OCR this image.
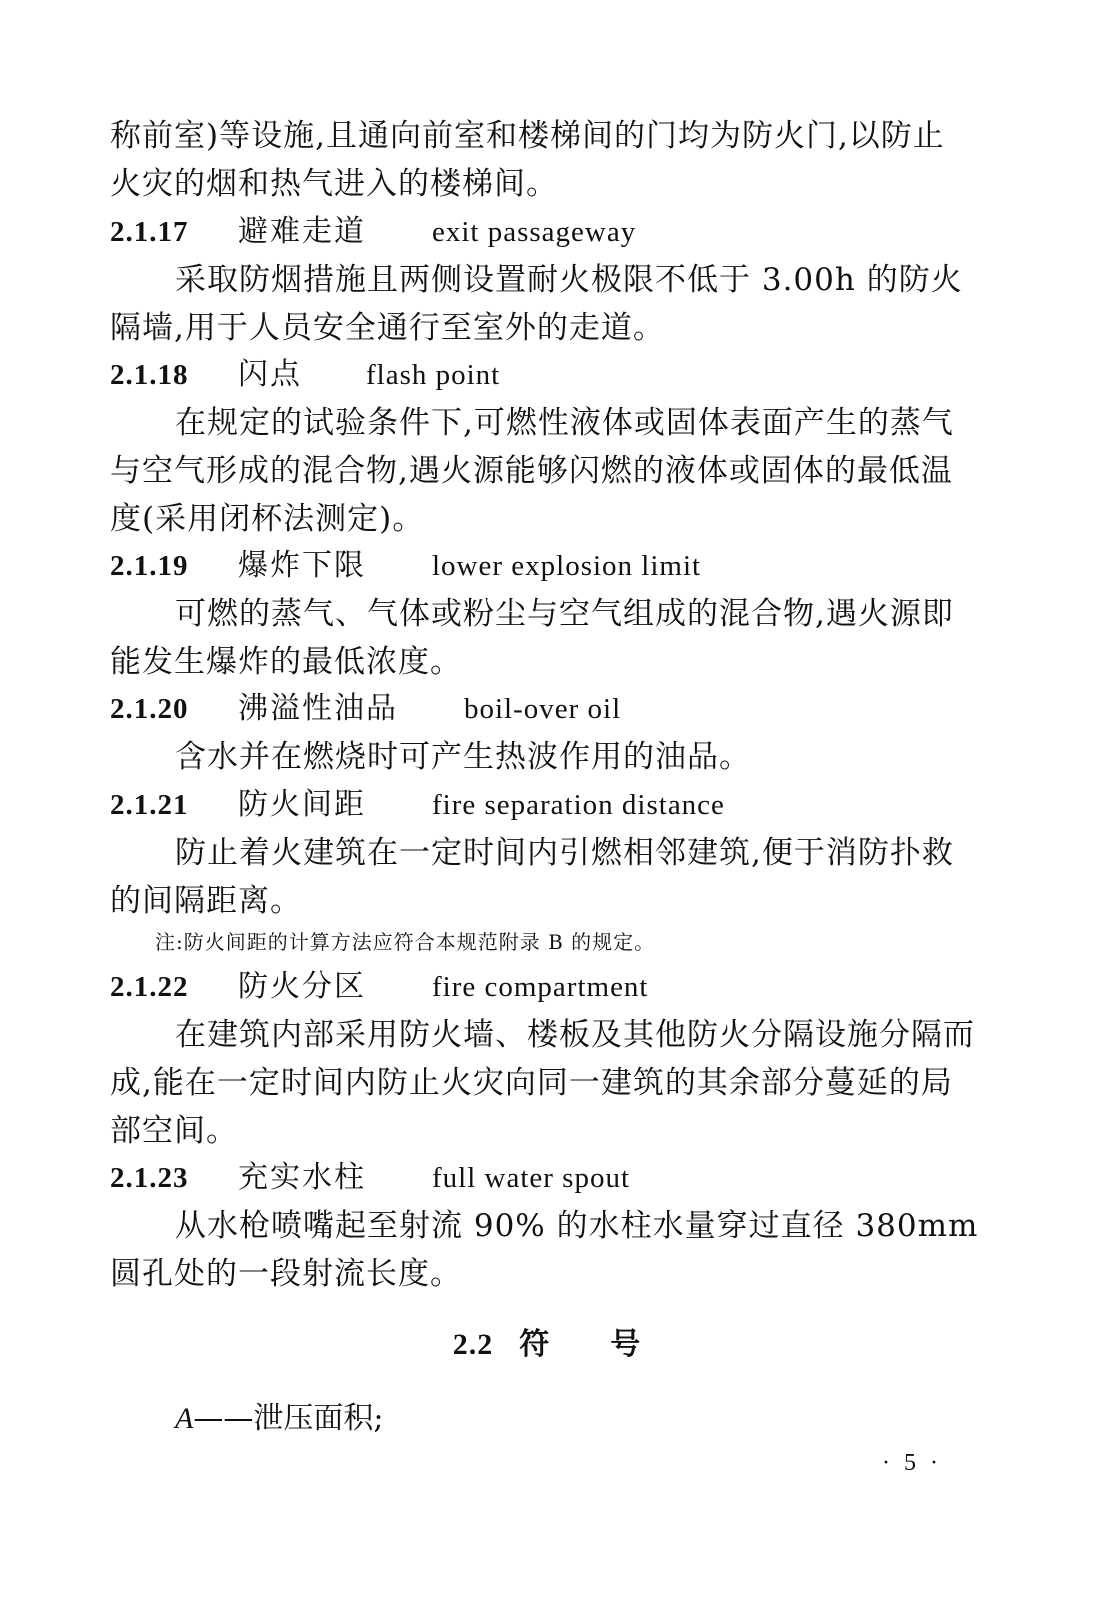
称前室)等设施,且通向前室和楼梯间的门均为防火门,以防止
火灾的烟和热气进入的楼梯间。
2.1.17 避难走道 exit passageway
采取防烟措施且两侧设置耐火极限不低于 3.00h 的防火
隔墙,用于人员安全通行至室外的走道。
2.1.18 闪点 flash point
在规定的试验条件下,可燃性液体或固体表面产生的蒸气
与空气形成的混合物,遇火源能够闪燃的液体或固体的最低温
度(采用闭杯法测定)。
2.1.19 爆炸下限 lower explosion limit
可燃的蒸气、气体或粉尘与空气组成的混合物,遇火源即
能发生爆炸的最低浓度。
2.1.20 沸溢性油品 boil-over oil
含水并在燃烧时可产生热波作用的油品。
2.1.21 防火间距 fire separation distance
防止着火建筑在一定时间内引燃相邻建筑,便于消防扑救
的间隔距离。
注:防火间距的计算方法应符合本规范附录 B 的规定。
2.1.22 防火分区 fire compartment
在建筑内部采用防火墙、楼板及其他防火分隔设施分隔而
成,能在一定时间内防止火灾向同一建筑的其余部分蔓延的局
部空间。
2.1.23 充实水柱 full water spout
从水枪喷嘴起至射流 90% 的水柱水量穿过直径 380mm
圆孔处的一段射流长度。
2.2 符 号
A——泄压面积;
· 5 ·
